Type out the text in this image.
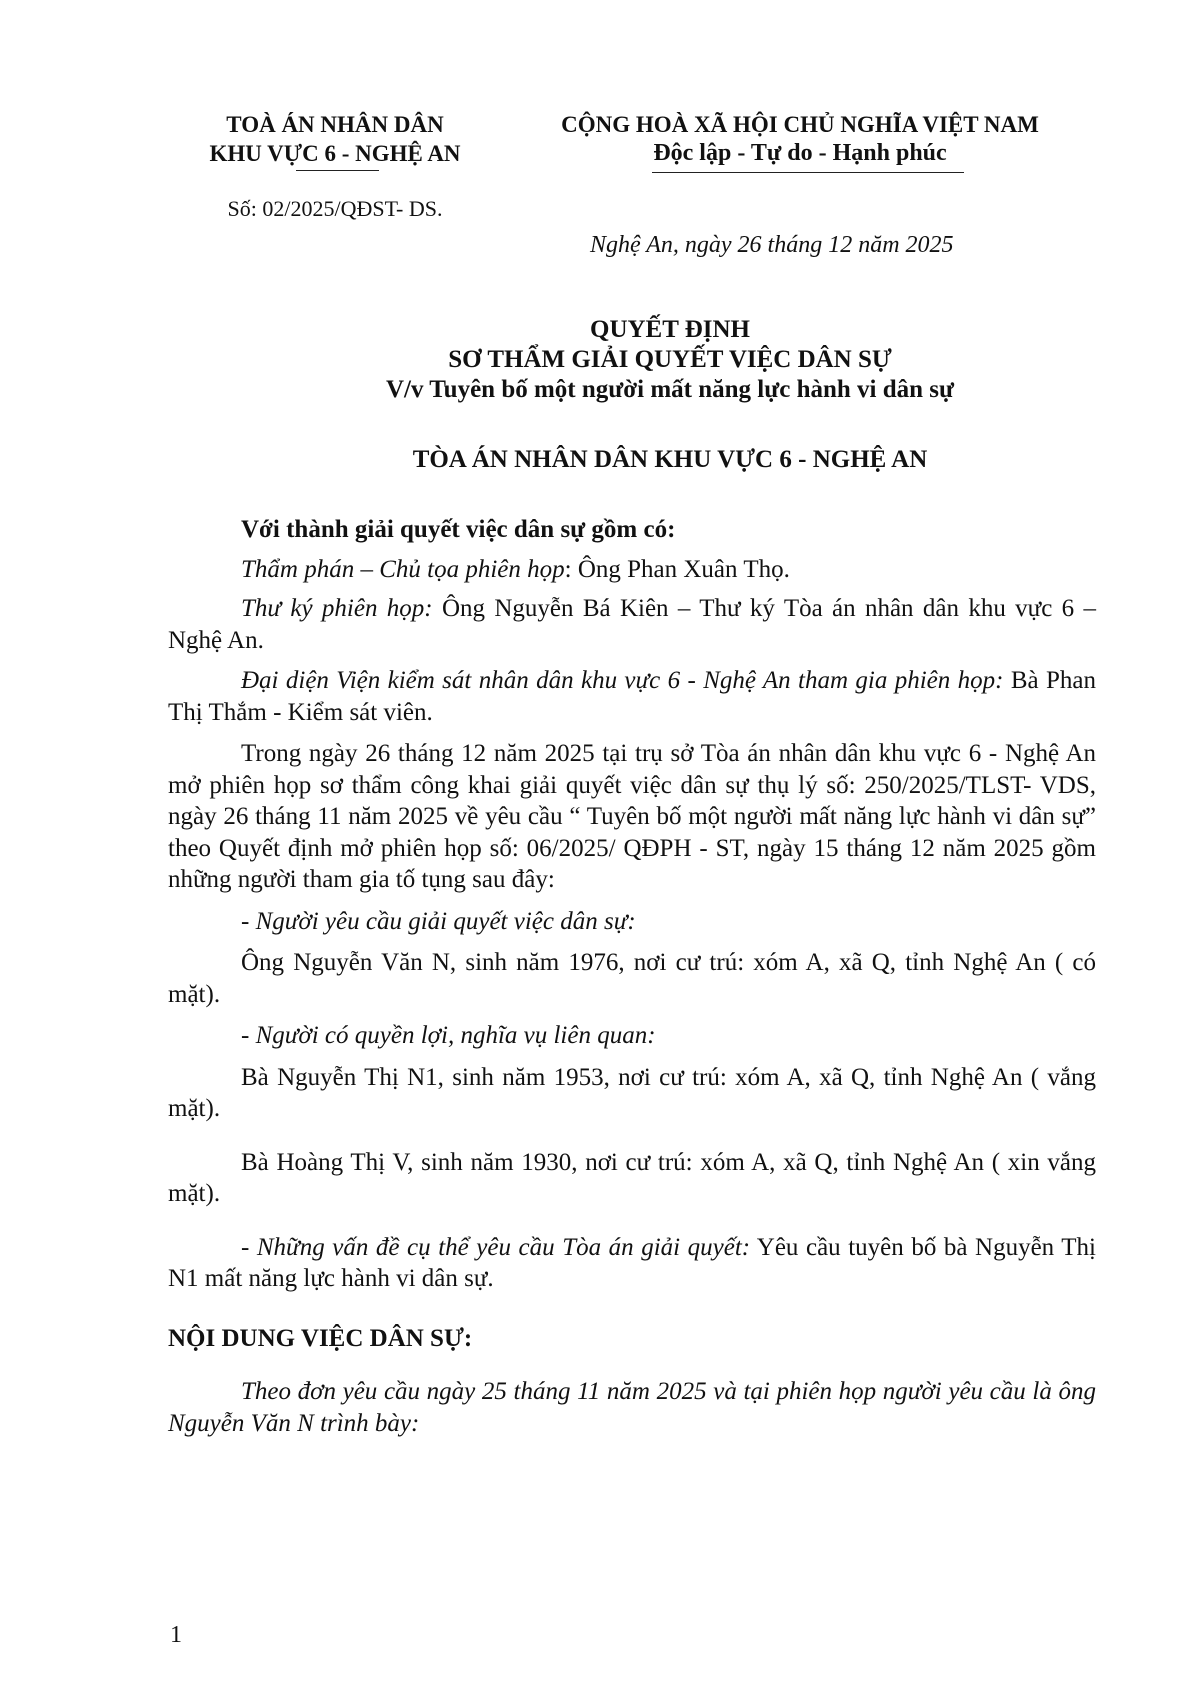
TOÀ ÁN NHÂN DÂN
KHU VỰC 6 - NGHỆ AN
Số: 02/2025/QĐST- DS.
CỘNG HOÀ XÃ HỘI CHỦ NGHĨA VIỆT NAM
Độc lập - Tự do - Hạnh phúc
Nghệ An, ngày 26 tháng 12 năm 2025
QUYẾT ĐỊNH
SƠ THẨM GIẢI QUYẾT VIỆC DÂN SỰ
V/v Tuyên bố một người mất năng lực hành vi dân sự
TÒA ÁN NHÂN DÂN KHU VỰC 6 - NGHỆ AN

Với thành giải quyết việc dân sự gồm có:

Thẩm phán – Chủ tọa phiên họp: Ông Phan Xuân Thọ.

Thư ký phiên họp: Ông Nguyễn Bá Kiên – Thư ký Tòa án nhân dân khu vực 6 – Nghệ An.

Đại diện Viện kiểm sát nhân dân khu vực 6 - Nghệ An tham gia phiên họp: Bà Phan Thị Thắm - Kiểm sát viên.

Trong ngày 26 tháng 12 năm 2025 tại trụ sở Tòa án nhân dân khu vực 6 - Nghệ An mở phiên họp sơ thẩm công khai giải quyết việc dân sự thụ lý số: 250/2025/TLST- VDS, ngày 26 tháng 11 năm 2025 về yêu cầu “ Tuyên bố một người mất năng lực hành vi dân sự” theo Quyết định mở phiên họp số: 06/2025/ QĐPH - ST, ngày 15 tháng 12 năm 2025 gồm những người tham gia tố tụng sau đây:

- Người yêu cầu giải quyết việc dân sự:

Ông Nguyễn Văn N, sinh năm 1976, nơi cư trú: xóm A, xã Q, tỉnh Nghệ An ( có mặt).

- Người có quyền lợi, nghĩa vụ liên quan:

Bà Nguyễn Thị N1, sinh năm 1953, nơi cư trú: xóm A, xã Q, tỉnh Nghệ An ( vắng mặt).

Bà Hoàng Thị V, sinh năm 1930, nơi cư trú: xóm A, xã Q, tỉnh Nghệ An ( xin vắng mặt).

- Những vấn đề cụ thể yêu cầu Tòa án giải quyết: Yêu cầu tuyên bố bà Nguyễn Thị N1 mất năng lực hành vi dân sự.

NỘI DUNG VIỆC DÂN SỰ:

Theo đơn yêu cầu ngày 25 tháng 11 năm 2025 và tại phiên họp người yêu cầu là ông Nguyễn Văn N trình bày:

1
